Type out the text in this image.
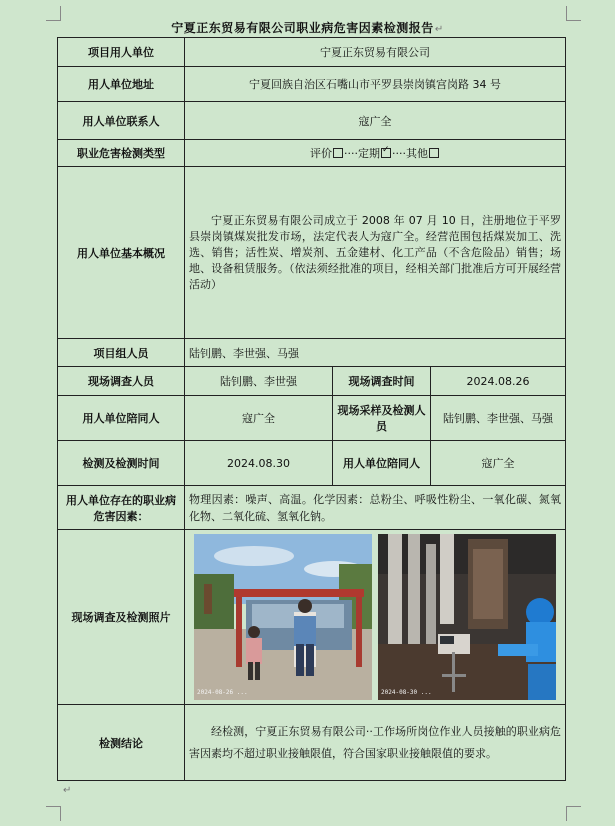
宁夏正东贸易有限公司职业病危害因素检测报告↵
项目用人单位	宁夏正东贸易有限公司		
用人单位地址	宁夏回族自治区石嘴山市平罗县崇岗镇宫岗路 34 号		
用人单位联系人	寇广全		
职业危害检测类型	评价 ····定期 ✓ ····其他
用人单位基本概况	宁夏正东贸易有限公司成立于 2008 年 07 月 10 日，注册地位于平罗县崇岗镇煤炭批发市场，法定代表人为寇广全。经营范围包括煤炭加工、洗选、销售；活性炭、增炭剂、五金建材、化工产品（不含危险品）销售；场地、设备租赁服务。（依法须经批准的项目，经相关部门批准后方可开展经营活动）		

项目组人员	陆钊鹏、李世强、马强		
现场调查人员	陆钊鹏、李世强	现场调查时间	2024.08.26
用人单位陪同人	寇广全	现场采样及检测人员	陆钊鹏、李世强、马强
检测及检测时间	2024.08.30	用人单位陪同人	寇广全
用人单位存在的职业病危害因素：	物理因素：噪声、高温。化学因素：总粉尘、呼吸性粉尘、一氧化碳、氮氧化物、二氧化硫、氢氧化钠。		
现场调查及检测照片	2024-08-26 ... 2024-08-30 ...		

检测结论	经检测，宁夏正东贸易有限公司··工作场所岗位作业人员接触的职业病危害因素均不超过职业接触限值，符合国家职业接触限值的要求。		

↵
